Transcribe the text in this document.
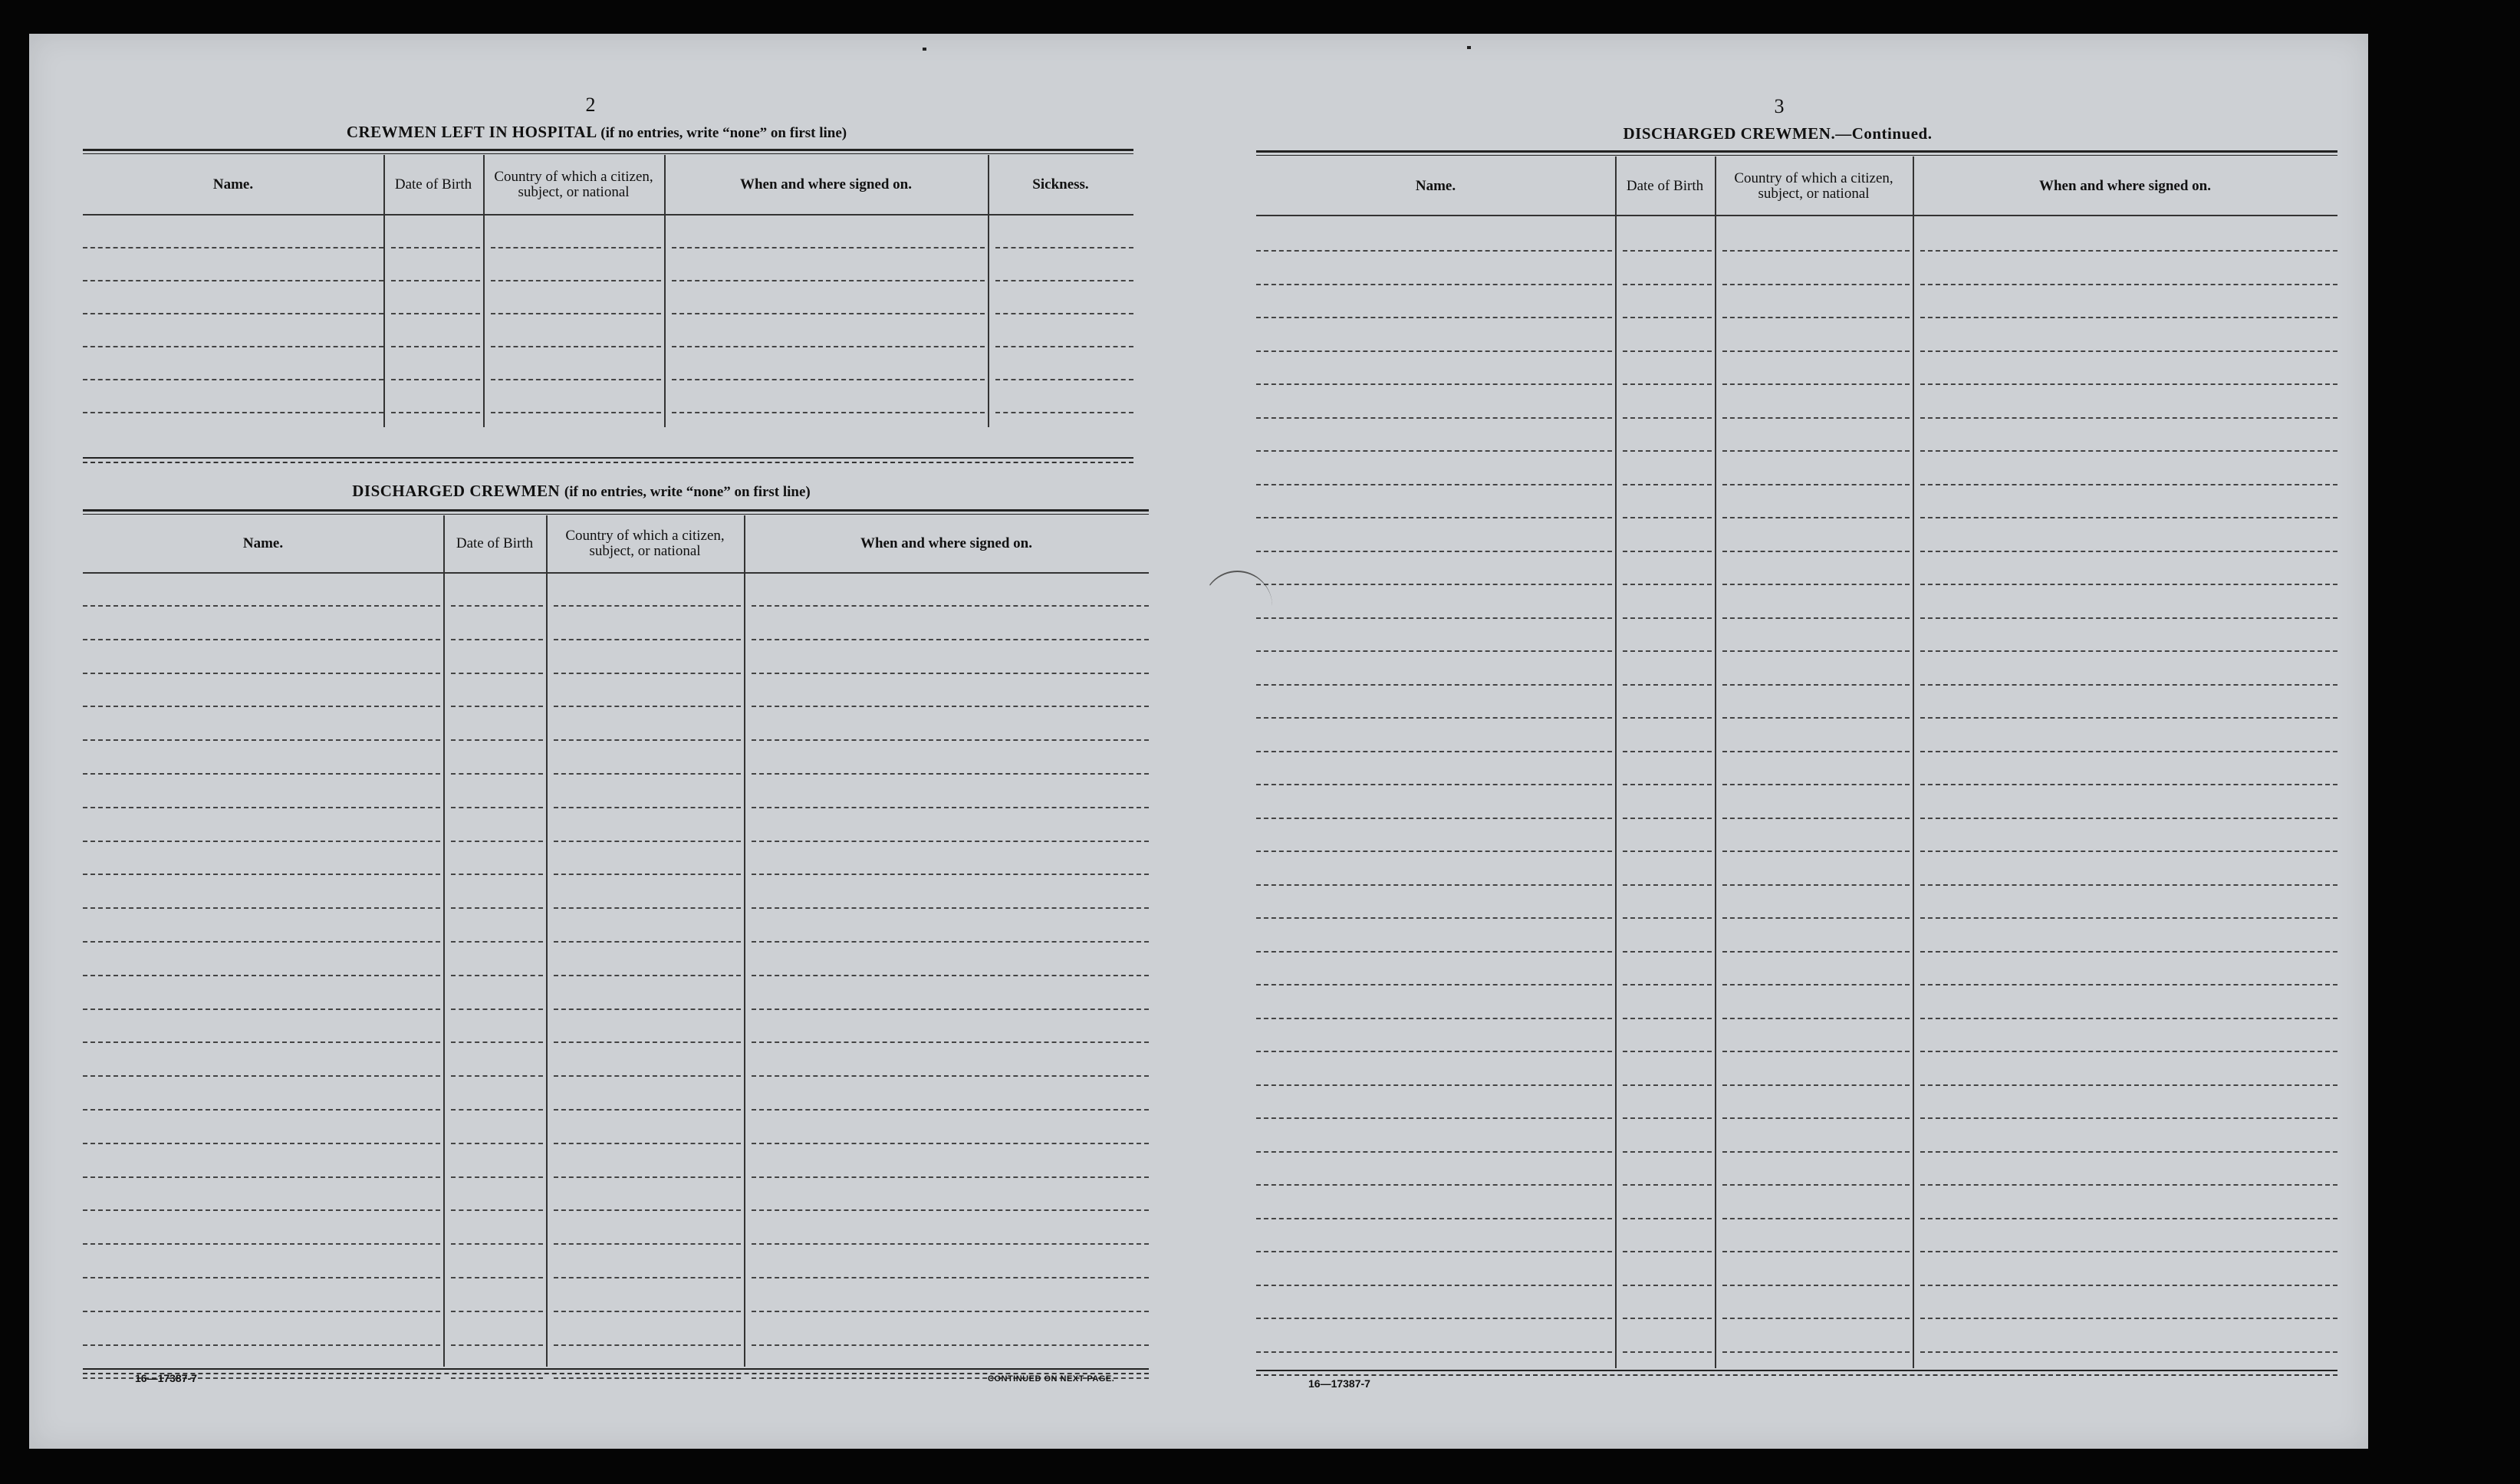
2
CREWMEN LEFT IN HOSPITAL (if no entries, write “none” on first line)
Name.	Date of Birth	Country of which a citizen, subject, or national	When and where signed on.	Sickness.
DISCHARGED CREWMEN (if no entries, write “none” on first line)
Name.	Date of Birth	Country of which a citizen, subject, or national	When and where signed on.
16—17387-7	CONTINUED ON NEXT PAGE.
3
DISCHARGED CREWMEN.—Continued.
Name.	Date of Birth	Country of which a citizen, subject, or national	When and where signed on.
16—17387-7
